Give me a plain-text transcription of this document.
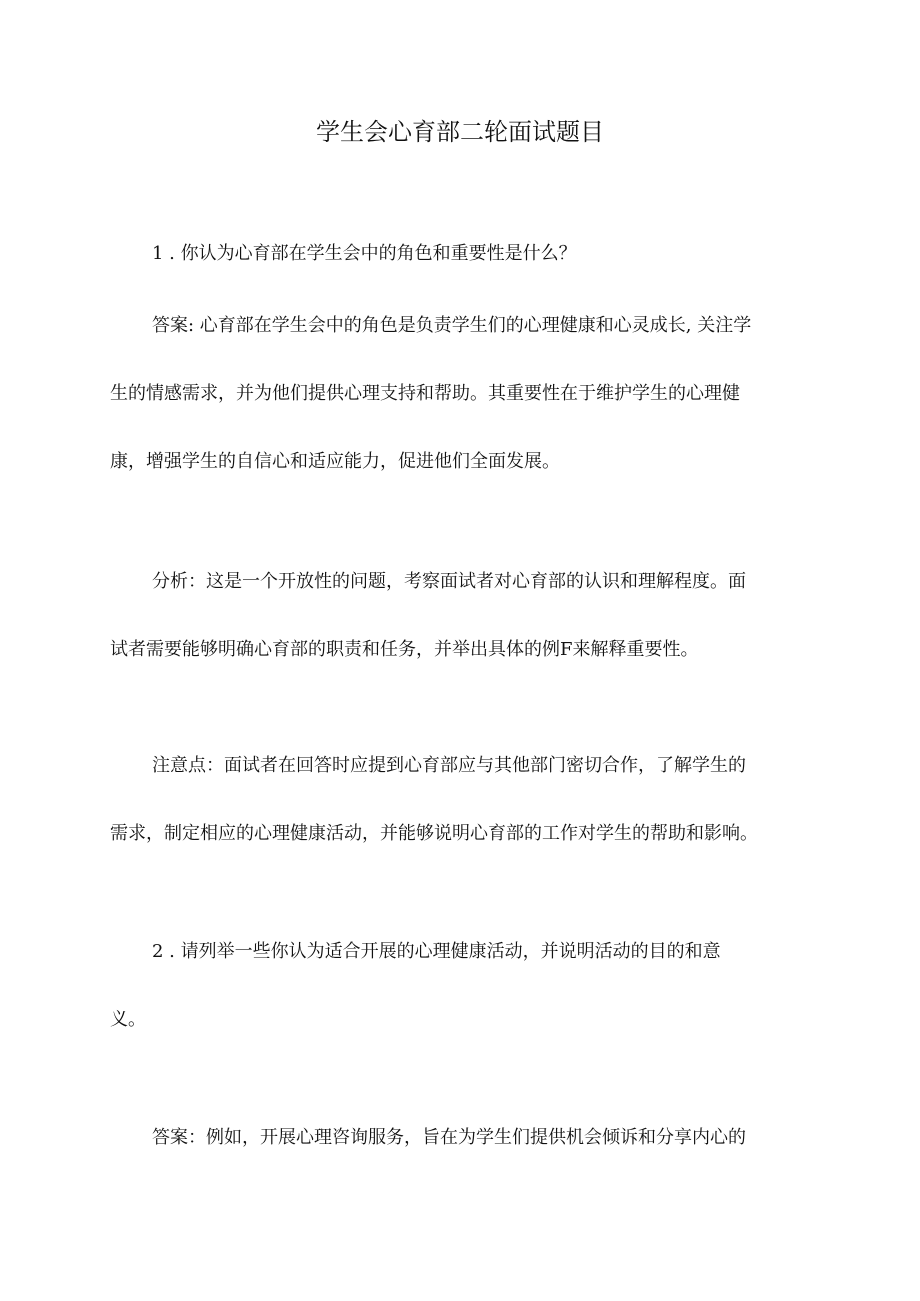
学生会心育部二轮面试题目

1 . 你认为心育部在学生会中的角色和重要性是什么？

答案: 心育部在学生会中的角色是负责学生们的心理健康和心灵成长, 关注学

生的情感需求，并为他们提供心理支持和帮助。其重要性在于维护学生的心理健

康，增强学生的自信心和适应能力，促进他们全面发展。

分析：这是一个开放性的问题，考察面试者对心育部的认识和理解程度。面

试者需要能够明确心育部的职责和任务，并举出具体的例F来解释重要性。

注意点：面试者在回答时应提到心育部应与其他部门密切合作，了解学生的

需求，制定相应的心理健康活动，并能够说明心育部的工作对学生的帮助和影响。

2 . 请列举一些你认为适合开展的心理健康活动，并说明活动的目的和意

义。

答案：例如，开展心理咨询服务，旨在为学生们提供机会倾诉和分享内心的
